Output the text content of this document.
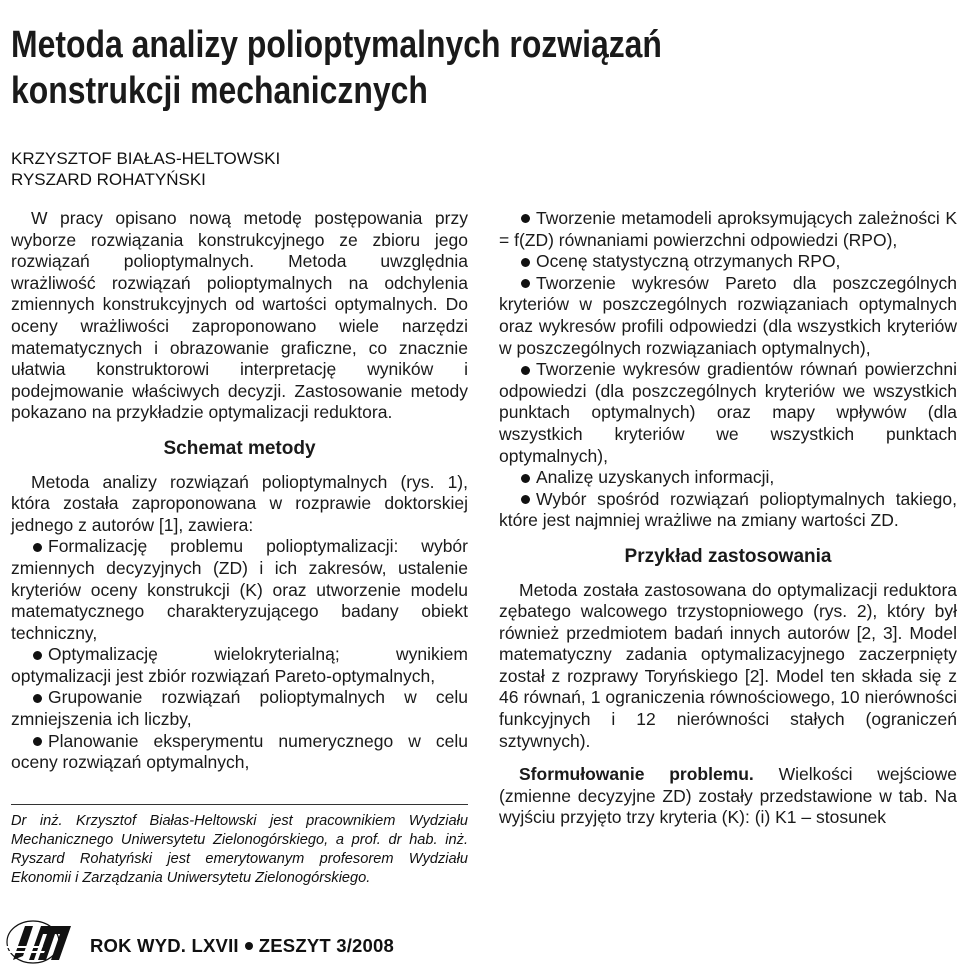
Metoda analizy polioptymalnych rozwiązań
konstrukcji mechanicznych
KRZYSZTOF BIAŁAS-HELTOWSKI
RYSZARD ROHATYŃSKI

W pracy opisano nową metodę postępowania przy wyborze rozwiązania konstrukcyjnego ze zbioru jego rozwiązań polioptymalnych. Metoda uwzględnia wrażliwość rozwiązań polioptymalnych na odchylenia zmiennych konstrukcyjnych od wartości optymalnych. Do oceny wrażliwości zaproponowano wiele narzędzi matematycznych i obrazowanie graficzne, co znacznie ułatwia konstruktorowi interpretację wyników i podejmowanie właściwych decyzji. Zastosowanie metody pokazano na przykładzie optymalizacji reduktora.

Schemat metody

Metoda analizy rozwiązań polioptymalnych (rys. 1), która została zaproponowana w rozprawie doktorskiej jednego z autorów [1], zawiera:

Formalizację problemu polioptymalizacji: wybór zmiennych decyzyjnych (ZD) i ich zakresów, ustalenie kryteriów oceny konstrukcji (K) oraz utworzenie modelu matematycznego charakteryzującego badany obiekt techniczny,

Optymalizację wielokryterialną; wynikiem optymalizacji jest zbiór rozwiązań Pareto-optymalnych,

Grupowanie rozwiązań polioptymalnych w celu zmniejszenia ich liczby,

Planowanie eksperymentu numerycznego w celu oceny rozwiązań optymalnych,

Dr inż. Krzysztof Białas-Heltowski jest pracownikiem Wydziału Mechanicznego Uniwersytetu Zielonogórskiego, a prof. dr hab. inż. Ryszard Rohatyński jest emerytowanym profesorem Wydziału Ekonomii i Zarządzania Uniwersytetu Zielonogórskiego.

Tworzenie metamodeli aproksymujących zależności K = f(ZD) równaniami powierzchni odpowiedzi (RPO),

Ocenę statystyczną otrzymanych RPO,

Tworzenie wykresów Pareto dla poszczególnych kryteriów w poszczególnych rozwiązaniach optymalnych oraz wykresów profili odpowiedzi (dla wszystkich kryteriów w poszczególnych rozwiązaniach optymalnych),

Tworzenie wykresów gradientów równań powierzchni odpowiedzi (dla poszczególnych kryteriów we wszystkich punktach optymalnych) oraz mapy wpływów (dla wszystkich kryteriów we wszystkich punktach optymalnych),

Analizę uzyskanych informacji,

Wybór spośród rozwiązań polioptymalnych takiego, które jest najmniej wrażliwe na zmiany wartości ZD.

Przykład zastosowania

Metoda została zastosowana do optymalizacji reduktora zębatego walcowego trzystopniowego (rys. 2), który był również przedmiotem badań innych autorów [2, 3]. Model matematyczny zadania optymalizacyjnego zaczerpnięty został z rozprawy Toryńskiego [2]. Model ten składa się z 46 równań, 1 ograniczenia równościowego, 10 nierówności funkcyjnych i 12 nierówności stałych (ograniczeń sztywnych).

Sformułowanie problemu. Wielkości wejściowe (zmienne decyzyjne ZD) zostały przedstawione w tab. Na wyjściu przyjęto trzy kryteria (K): (i) K1 – stosunek

ROK WYD. LXVII ZESZYT 3/2008
